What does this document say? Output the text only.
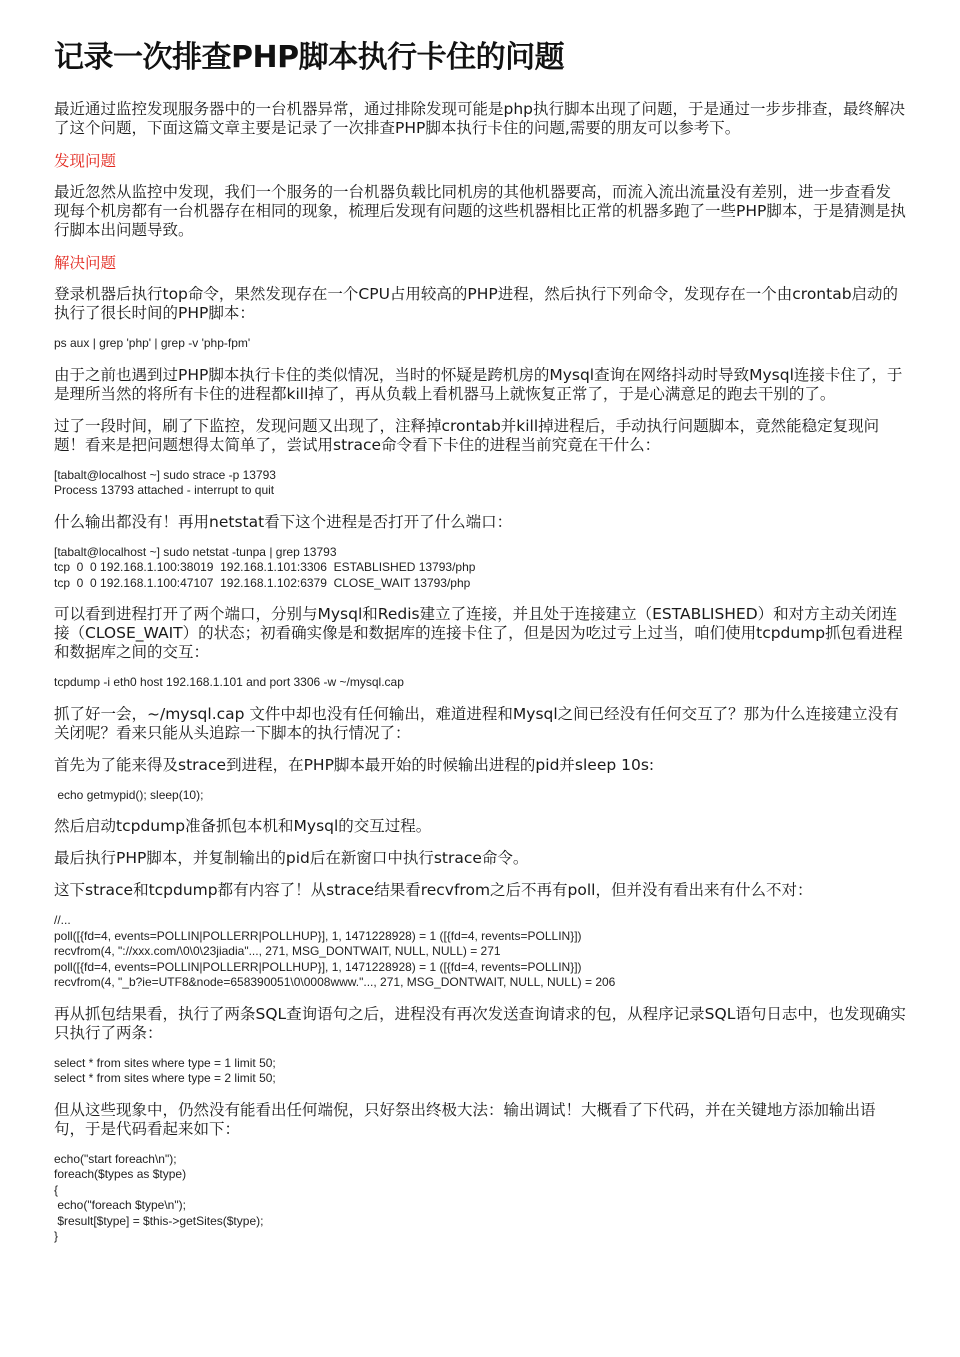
记录一次排查PHP脚本执行卡住的问题

最近通过监控发现服务器中的一台机器异常，通过排除发现可能是php执行脚本出现了问题，于是通过一步步排查，最终解决了这个问题，下面这篇文章主要是记录了一次排查PHP脚本执行卡住的问题,需要的朋友可以参考下。

发现问题

最近忽然从监控中发现，我们一个服务的一台机器负载比同机房的其他机器要高，而流入流出流量没有差别，进一步查看发现每个机房都有一台机器存在相同的现象，梳理后发现有问题的这些机器相比正常的机器多跑了一些PHP脚本，于是猜测是执行脚本出问题导致。

解决问题

登录机器后执行top命令，果然发现存在一个CPU占用较高的PHP进程，然后执行下列命令，发现存在一个由crontab启动的执行了很长时间的PHP脚本：

ps aux | grep 'php' | grep -v 'php-fpm'

由于之前也遇到过PHP脚本执行卡住的类似情况，当时的怀疑是跨机房的Mysql查询在网络抖动时导致Mysql连接卡住了，于是理所当然的将所有卡住的进程都kill掉了，再从负载上看机器马上就恢复正常了，于是心满意足的跑去干别的了。

过了一段时间，刷了下监控，发现问题又出现了，注释掉crontab并kill掉进程后，手动执行问题脚本，竟然能稳定复现问题！看来是把问题想得太简单了，尝试用strace命令看下卡住的进程当前究竟在干什么：

[tabalt@localhost ~] sudo strace -p 13793
Process 13793 attached - interrupt to quit

什么输出都没有！再用netstat看下这个进程是否打开了什么端口：

[tabalt@localhost ~] sudo netstat -tunpa | grep 13793
tcp  0  0 192.168.1.100:38019  192.168.1.101:3306  ESTABLISHED 13793/php
tcp  0  0 192.168.1.100:47107  192.168.1.102:6379  CLOSE_WAIT 13793/php

可以看到进程打开了两个端口，分别与Mysql和Redis建立了连接，并且处于连接建立（ESTABLISHED）和对方主动关闭连接（CLOSE_WAIT）的状态；初看确实像是和数据库的连接卡住了，但是因为吃过亏上过当，咱们使用tcpdump抓包看进程和数据库之间的交互：

tcpdump -i eth0 host 192.168.1.101 and port 3306 -w ~/mysql.cap

抓了好一会，~/mysql.cap 文件中却也没有任何输出，难道进程和Mysql之间已经没有任何交互了？那为什么连接建立没有关闭呢？看来只能从头追踪一下脚本的执行情况了：

首先为了能来得及strace到进程，在PHP脚本最开始的时候输出进程的pid并sleep 10s:

echo getmypid(); sleep(10);

然后启动tcpdump准备抓包本机和Mysql的交互过程。

最后执行PHP脚本，并复制输出的pid后在新窗口中执行strace命令。

这下strace和tcpdump都有内容了！从strace结果看recvfrom之后不再有poll，但并没有看出来有什么不对：

//...
poll([{fd=4, events=POLLIN|POLLERR|POLLHUP}], 1, 1471228928) = 1 ([{fd=4, revents=POLLIN}])
recvfrom(4, "://xxx.com/\0\0\23jiadia"..., 271, MSG_DONTWAIT, NULL, NULL) = 271
poll([{fd=4, events=POLLIN|POLLERR|POLLHUP}], 1, 1471228928) = 1 ([{fd=4, revents=POLLIN}])
recvfrom(4, "_b?ie=UTF8&node=658390051\0\0008www."..., 271, MSG_DONTWAIT, NULL, NULL) = 206

再从抓包结果看，执行了两条SQL查询语句之后，进程没有再次发送查询请求的包，从程序记录SQL语句日志中，也发现确实只执行了两条：

select * from sites where type = 1 limit 50;
select * from sites where type = 2 limit 50;

但从这些现象中，仍然没有能看出任何端倪，只好祭出终极大法：输出调试！大概看了下代码，并在关键地方添加输出语句，于是代码看起来如下：

echo("start foreach\n");
foreach($types as $type)
{
echo("foreach $type\n");
$result[$type] = $this->getSites($type);
}
